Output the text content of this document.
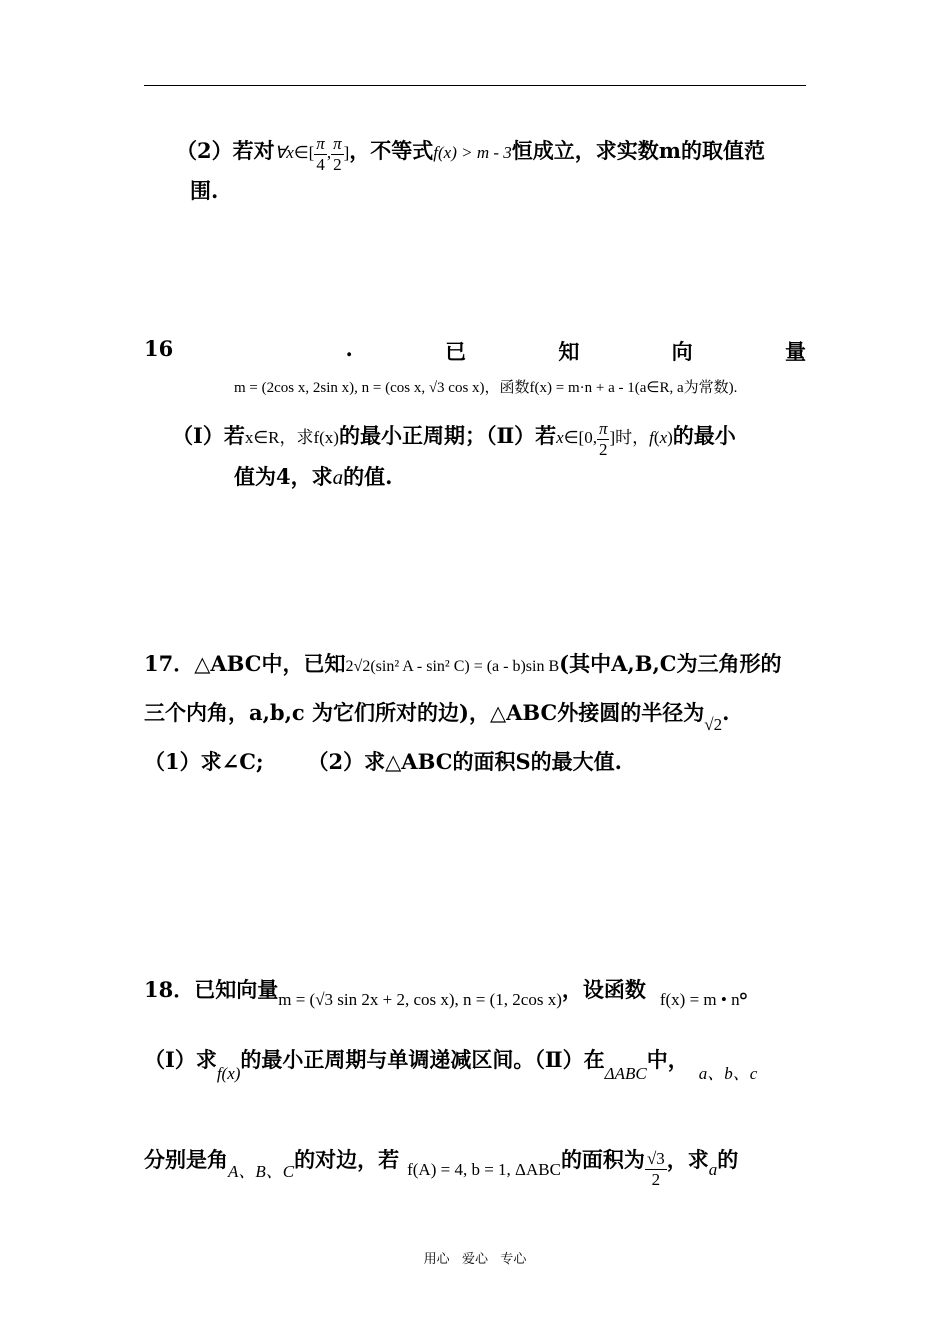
（2）若对∀x∈[ $\frac{\pi}{4}$ , $\frac{\pi}{2}$ ]，不等式f(x) > m - 3恒成立，求实数m的取值范
围.
16	.	已	知	向	量
m = (2cos x, 2sin x), n = (cos x, √3 cos x)，函数f(x) = m·n + a - 1(a∈R, a为常数).
（Ⅰ）若x∈R，求f(x)的最小正周期；（Ⅱ）若x∈[0, $\frac{\pi}{2}$ ]时，f(x)的最小
值为4，求a的值.
17．△ABC中，已知2√2(sin² A - sin² C) = (a - b)sin B(其中A,B,C为三角形的
三个内角，a,b,c 为它们所对的边)，△ABC外接圆的半径为$_{√2}$.
（1）求∠C;      （2）求△ABC的面积S的最大值.
18．已知向量$_{m = (√3 sin 2x + 2, cos x), n = (1, 2cos x)}$，设函数 $_{f(x) = m • n}$。
（Ⅰ）求$_{f(x)}$的最小正周期与单调递减区间。（Ⅱ）在$_{\Delta ABC}$中，$_{a、b、c}$
分别是角$_{A、B、C}$的对边，若 $_{f(A) = 4, b = 1, \Delta ABC}$的面积为 $\frac{√3}{2}$ ，求$_a$的
用心   爱心   专心
